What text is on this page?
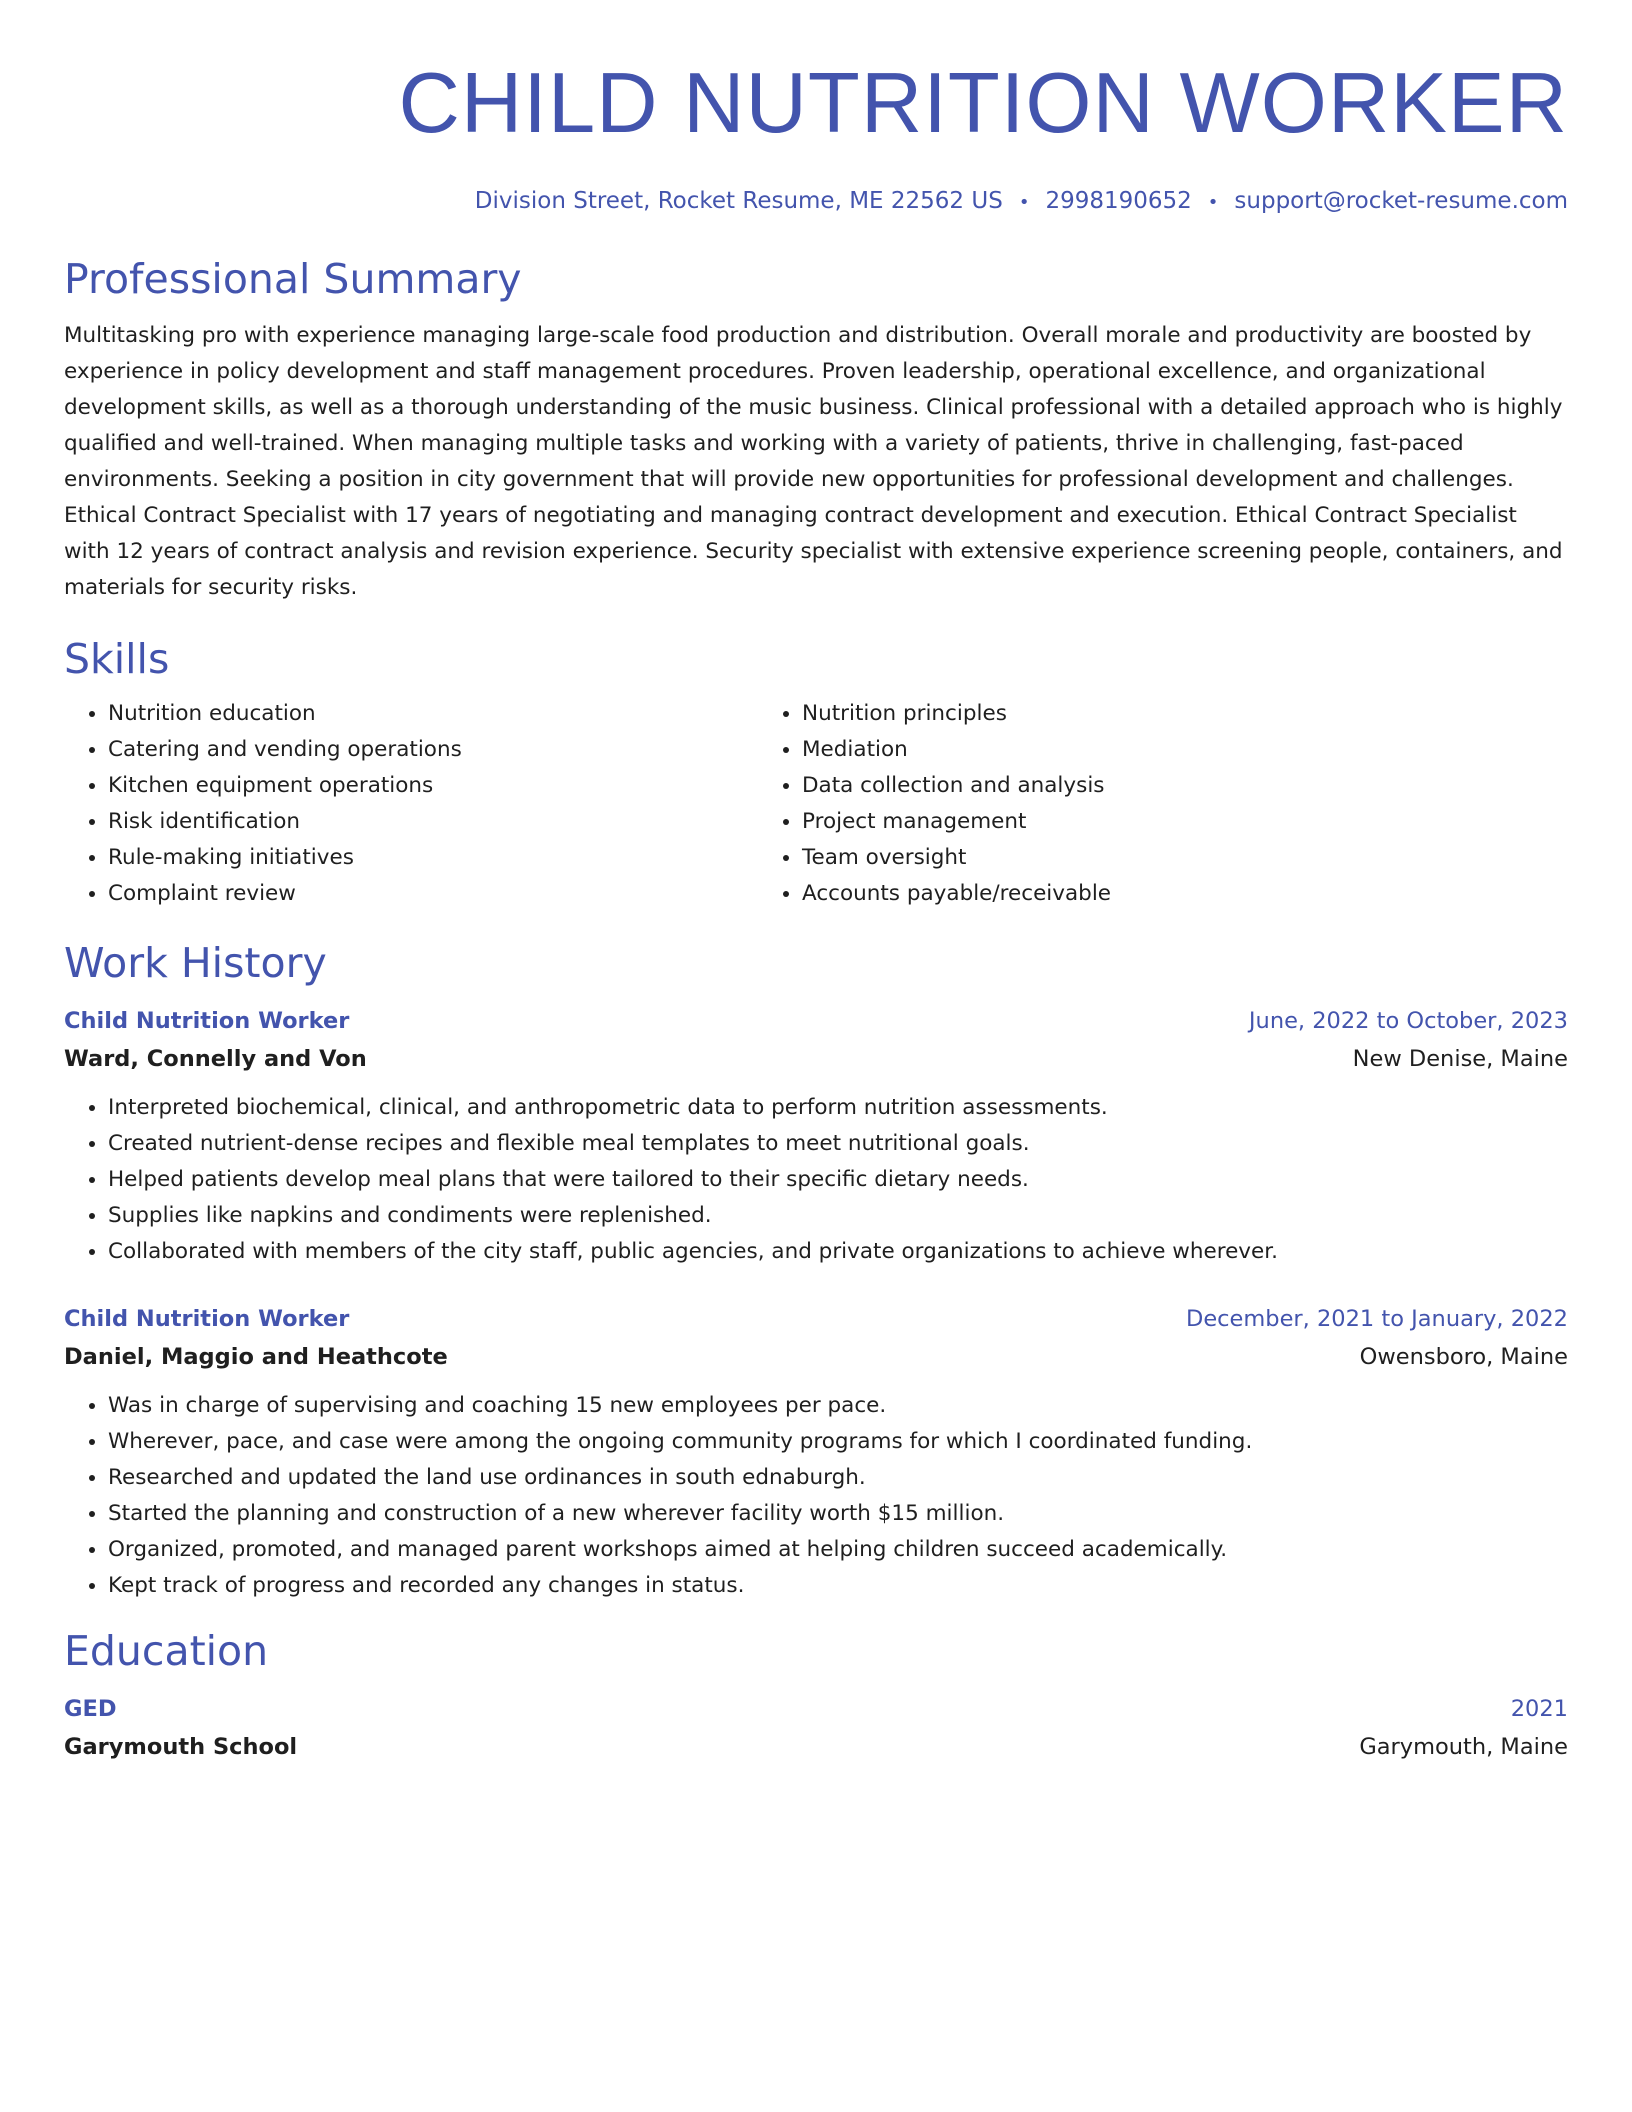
CHILD NUTRITION WORKER
Division Street, Rocket Resume, ME 22562 US • 2998190652 • support@rocket-resume.com
Professional Summary
Multitasking pro with experience managing large-scale food production and distribution. Overall morale and productivity are boosted by experience in policy development and staff management procedures. Proven leadership, operational excellence, and organizational development skills, as well as a thorough understanding of the music business. Clinical professional with a detailed approach who is highly qualified and well-trained. When managing multiple tasks and working with a variety of patients, thrive in challenging, fast-paced environments. Seeking a position in city government that will provide new opportunities for professional development and challenges. Ethical Contract Specialist with 17 years of negotiating and managing contract development and execution. Ethical Contract Specialist with 12 years of contract analysis and revision experience. Security specialist with extensive experience screening people, containers, and materials for security risks.
Skills
• Nutrition education
• Catering and vending operations
• Kitchen equipment operations
• Risk identification
• Rule-making initiatives
• Complaint review
• Nutrition principles
• Mediation
• Data collection and analysis
• Project management
• Team oversight
• Accounts payable/receivable
Work History
Child Nutrition Worker	June, 2022 to October, 2023
Ward, Connelly and Von	New Denise, Maine
• Interpreted biochemical, clinical, and anthropometric data to perform nutrition assessments.
• Created nutrient-dense recipes and flexible meal templates to meet nutritional goals.
• Helped patients develop meal plans that were tailored to their specific dietary needs.
• Supplies like napkins and condiments were replenished.
• Collaborated with members of the city staff, public agencies, and private organizations to achieve wherever.
Child Nutrition Worker	December, 2021 to January, 2022
Daniel, Maggio and Heathcote	Owensboro, Maine
• Was in charge of supervising and coaching 15 new employees per pace.
• Wherever, pace, and case were among the ongoing community programs for which I coordinated funding.
• Researched and updated the land use ordinances in south ednaburgh.
• Started the planning and construction of a new wherever facility worth $15 million.
• Organized, promoted, and managed parent workshops aimed at helping children succeed academically.
• Kept track of progress and recorded any changes in status.
Education
GED	2021
Garymouth School	Garymouth, Maine
